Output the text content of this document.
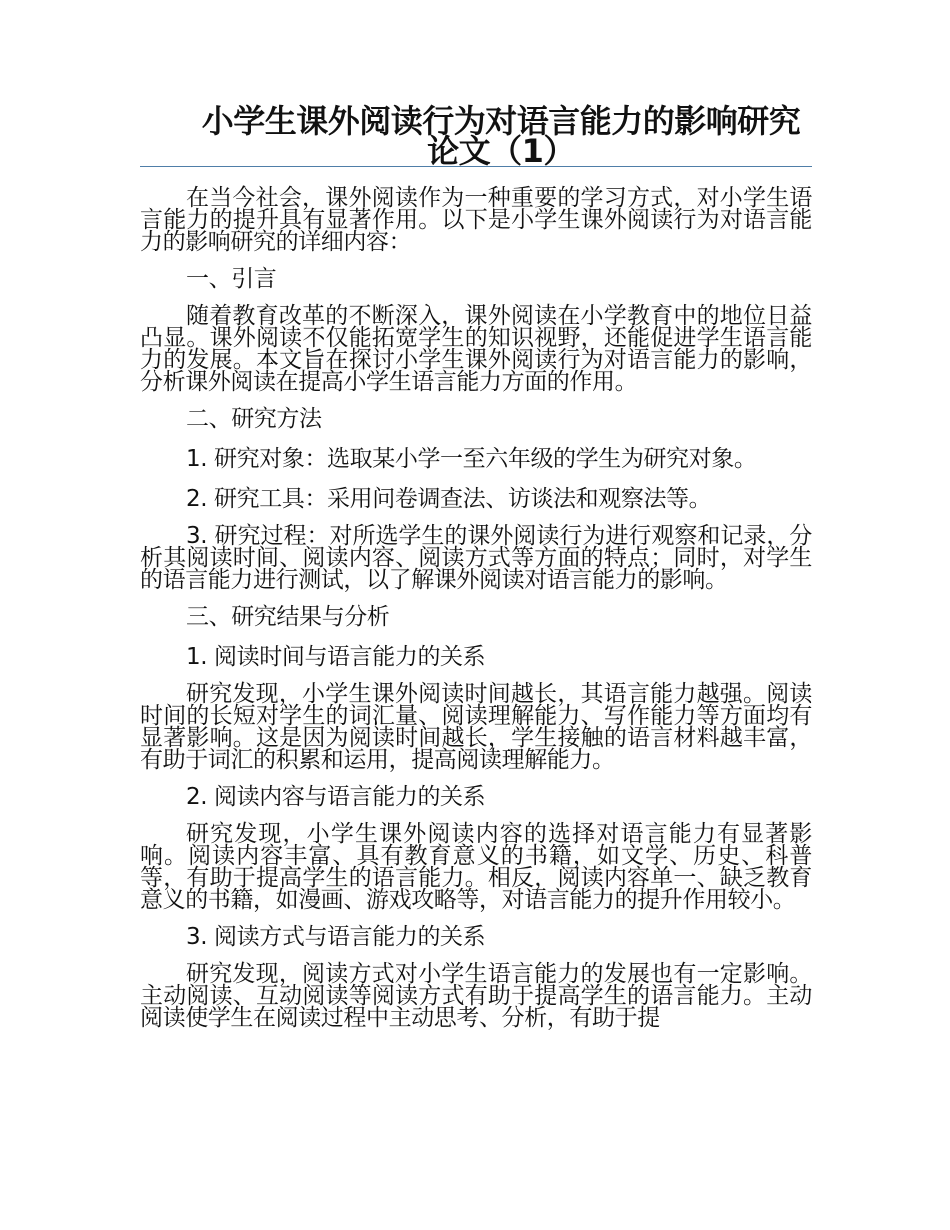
小学生课外阅读行为对语言能力的影响研究论文（1）

在当今社会，课外阅读作为一种重要的学习方式，对小学生语言能力的提升具有显著作用。以下是小学生课外阅读行为对语言能力的影响研究的详细内容：

一、引言

随着教育改革的不断深入，课外阅读在小学教育中的地位日益凸显。课外阅读不仅能拓宽学生的知识视野，还能促进学生语言能力的发展。本文旨在探讨小学生课外阅读行为对语言能力的影响，分析课外阅读在提高小学生语言能力方面的作用。

二、研究方法
1. 研究对象：选取某小学一至六年级的学生为研究对象。
2. 研究工具：采用问卷调查法、访谈法和观察法等。

3. 研究过程：对所选学生的课外阅读行为进行观察和记录，分析其阅读时间、阅读内容、阅读方式等方面的特点；同时，对学生的语言能力进行测试，以了解课外阅读对语言能力的影响。

三、研究结果与分析
1. 阅读时间与语言能力的关系

研究发现，小学生课外阅读时间越长，其语言能力越强。阅读时间的长短对学生的词汇量、阅读理解能力、写作能力等方面均有显著影响。这是因为阅读时间越长，学生接触的语言材料越丰富，有助于词汇的积累和运用，提高阅读理解能力。

2. 阅读内容与语言能力的关系

研究发现，小学生课外阅读内容的选择对语言能力有显著影响。阅读内容丰富、具有教育意义的书籍，如文学、历史、科普等，有助于提高学生的语言能力。相反，阅读内容单一、缺乏教育意义的书籍，如漫画、游戏攻略等，对语言能力的提升作用较小。

3. 阅读方式与语言能力的关系

研究发现，阅读方式对小学生语言能力的发展也有一定影响。主动阅读、互动阅读等阅读方式有助于提高学生的语言能力。主动阅读使学生在阅读过程中主动思考、分析，有助于提
